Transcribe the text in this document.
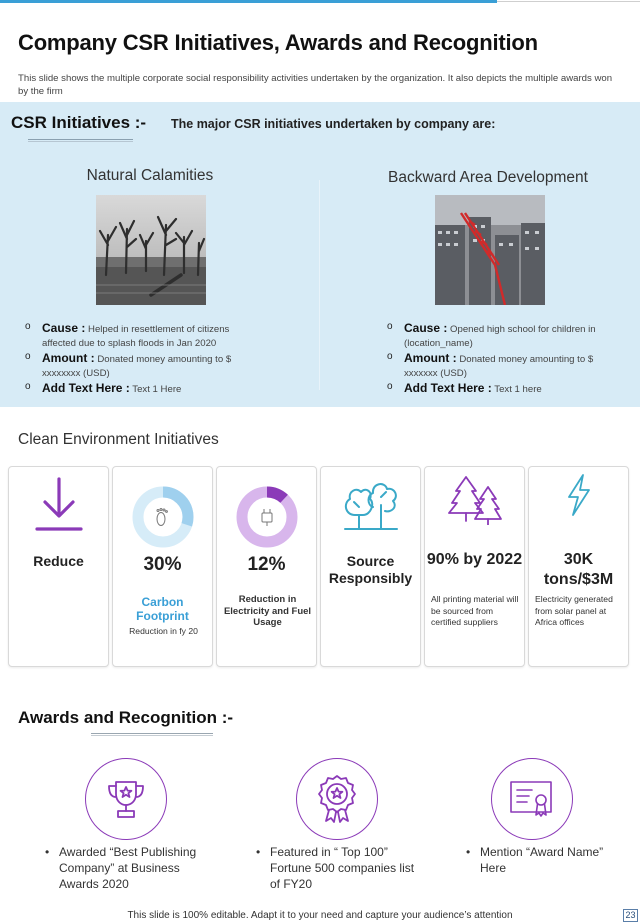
Company CSR Initiatives, Awards and Recognition
This slide shows the multiple corporate social responsibility activities undertaken by the organization. It also depicts the multiple awards won by the firm
CSR Initiatives :- The major CSR initiatives undertaken by company are:
Natural Calamities
o Cause : Helped in resettlement of citizens affected due to splash floods in Jan 2020
o Amount : Donated money amounting to $ xxxxxxxx (USD)
o Add Text Here : Text 1 Here
Backward Area Development
o Cause : Opened high school for children in (location_name)
o Amount : Donated money amounting to $ xxxxxxx (USD)
o Add Text Here : Text 1 here
Clean Environment Initiatives
Reduce	30%
Carbon Footprint
Reduction in fy 20
12%
Reduction in Electricity and Fuel Usage
Source Responsibly
90% by 2022
All printing material will be sourced from certified suppliers
30K tons/$3M
Electricity generated from solar panel at Africa offices
Awards and Recognition :-
• Awarded “Best Publishing Company” at Business Awards 2020
• Featured in “ Top 100” Fortune 500 companies list of FY20
• Mention “Award Name” Here
This slide is 100% editable. Adapt it to your need and capture your audience’s attention	23
